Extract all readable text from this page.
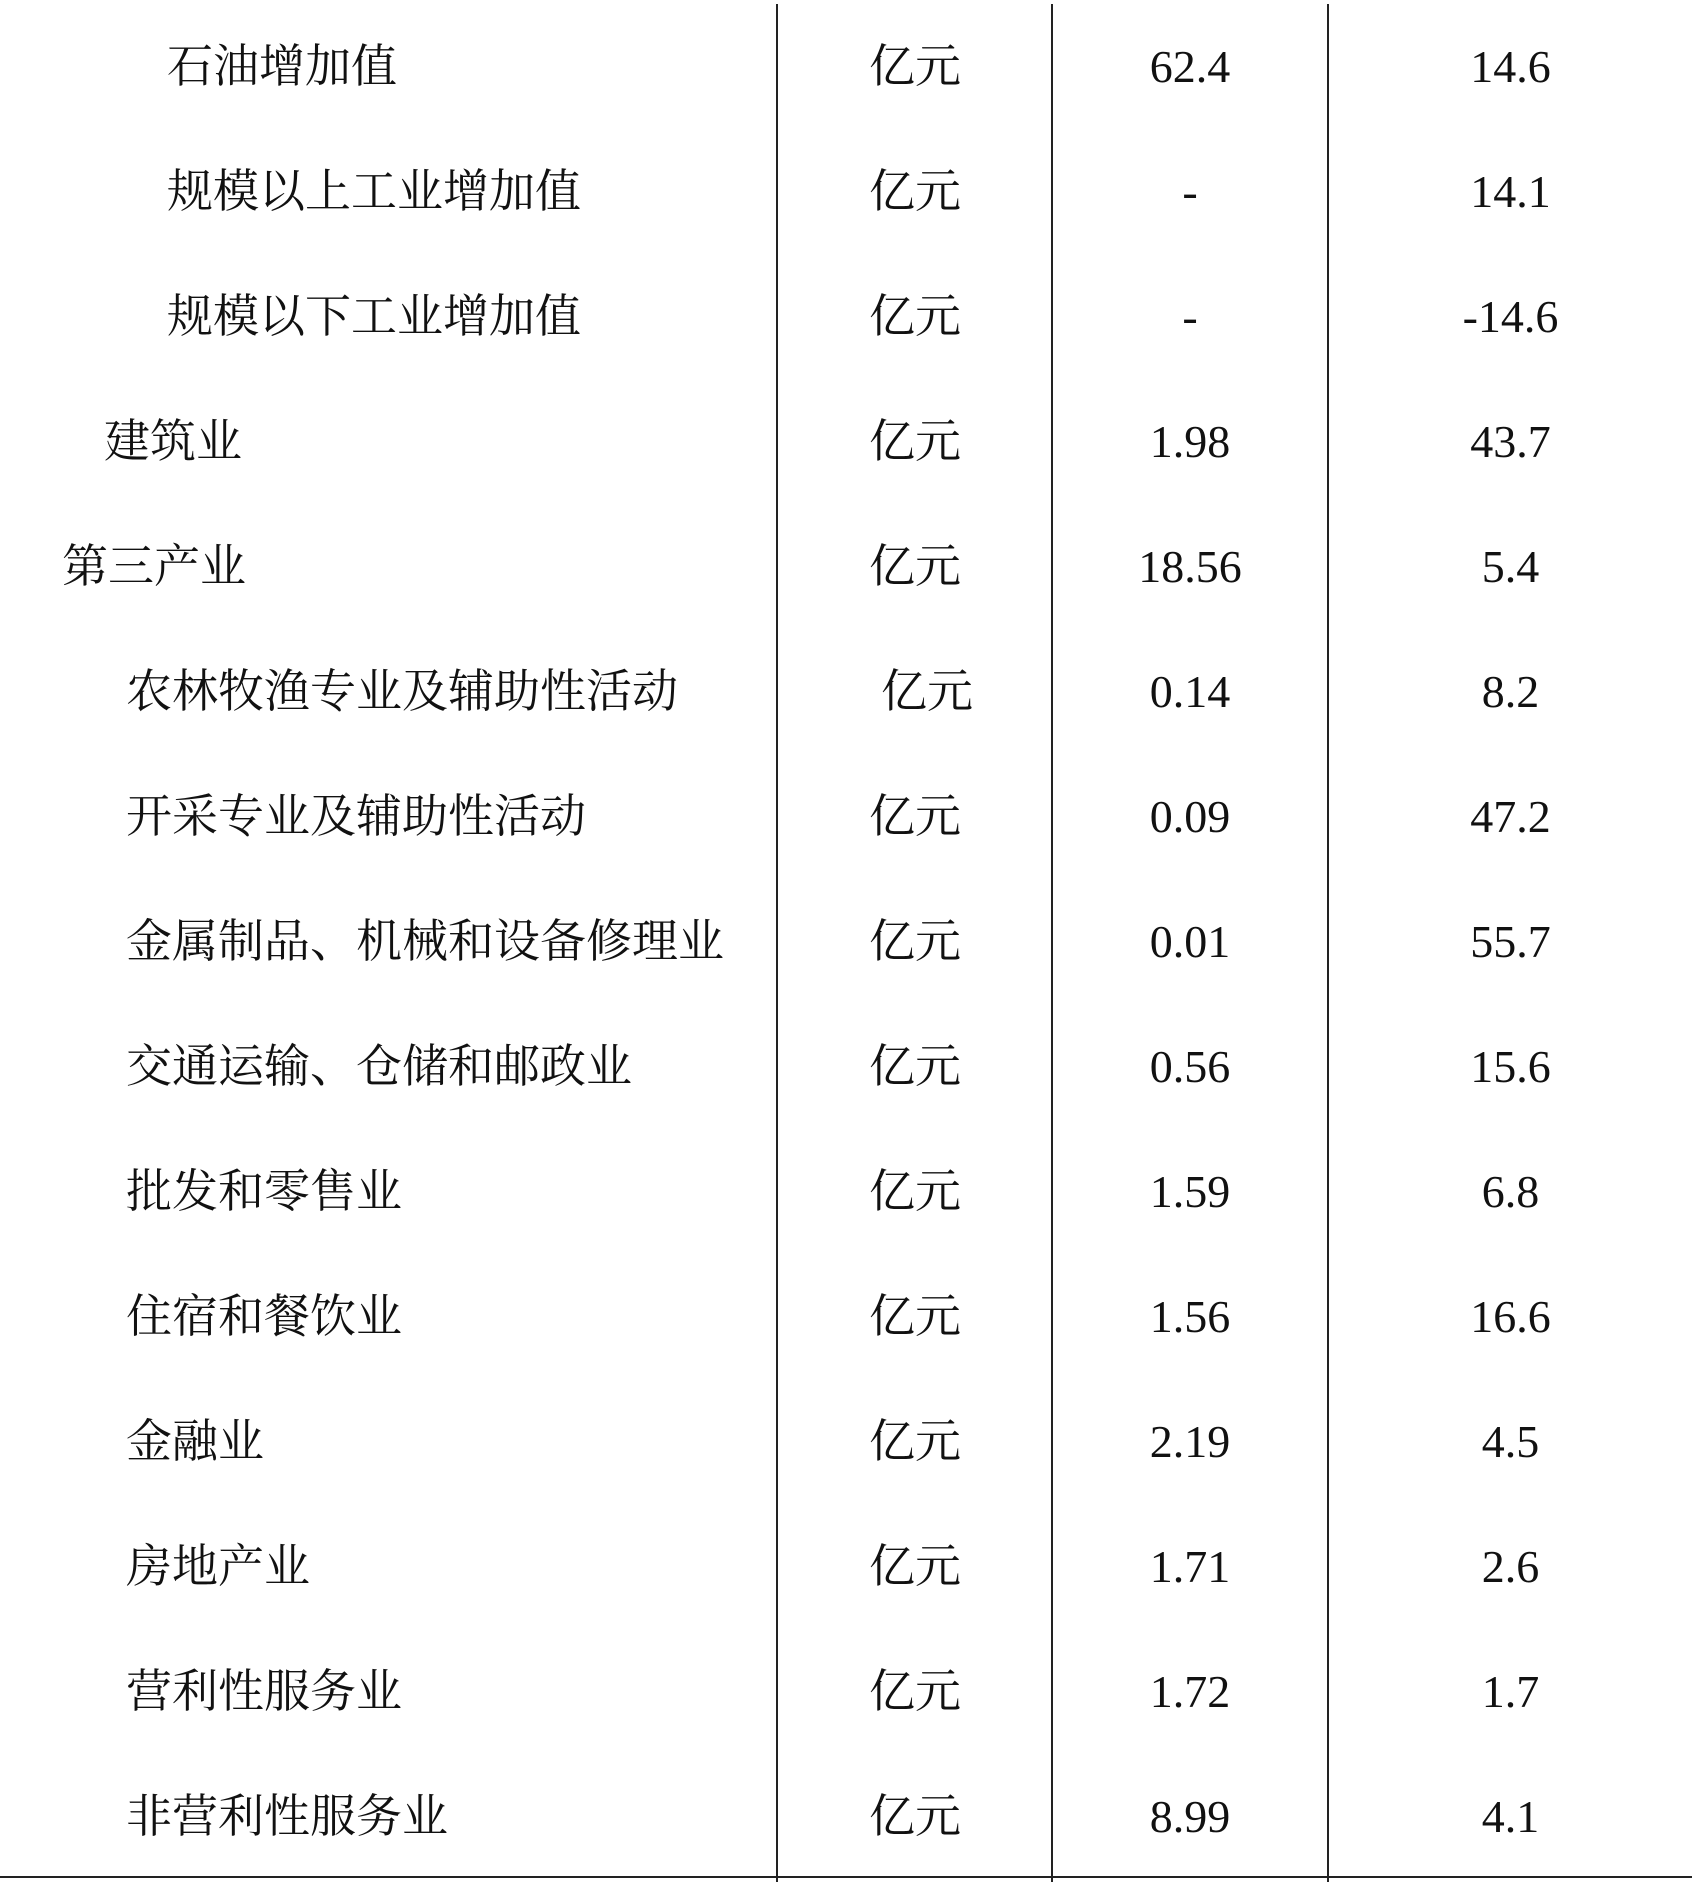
石油增加值	亿元	62.4	14.6
规模以上工业增加值	亿元	-	14.1
规模以下工业增加值	亿元	-	-14.6
建筑业	亿元	1.98	43.7
第三产业	亿元	18.56	5.4
农林牧渔专业及辅助性活动	亿元	0.14	8.2
开采专业及辅助性活动	亿元	0.09	47.2
金属制品、机械和设备修理业	亿元	0.01	55.7
交通运输、仓储和邮政业	亿元	0.56	15.6
批发和零售业	亿元	1.59	6.8
住宿和餐饮业	亿元	1.56	16.6
金融业	亿元	2.19	4.5
房地产业	亿元	1.71	2.6
营利性服务业	亿元	1.72	1.7
非营利性服务业	亿元	8.99	4.1
